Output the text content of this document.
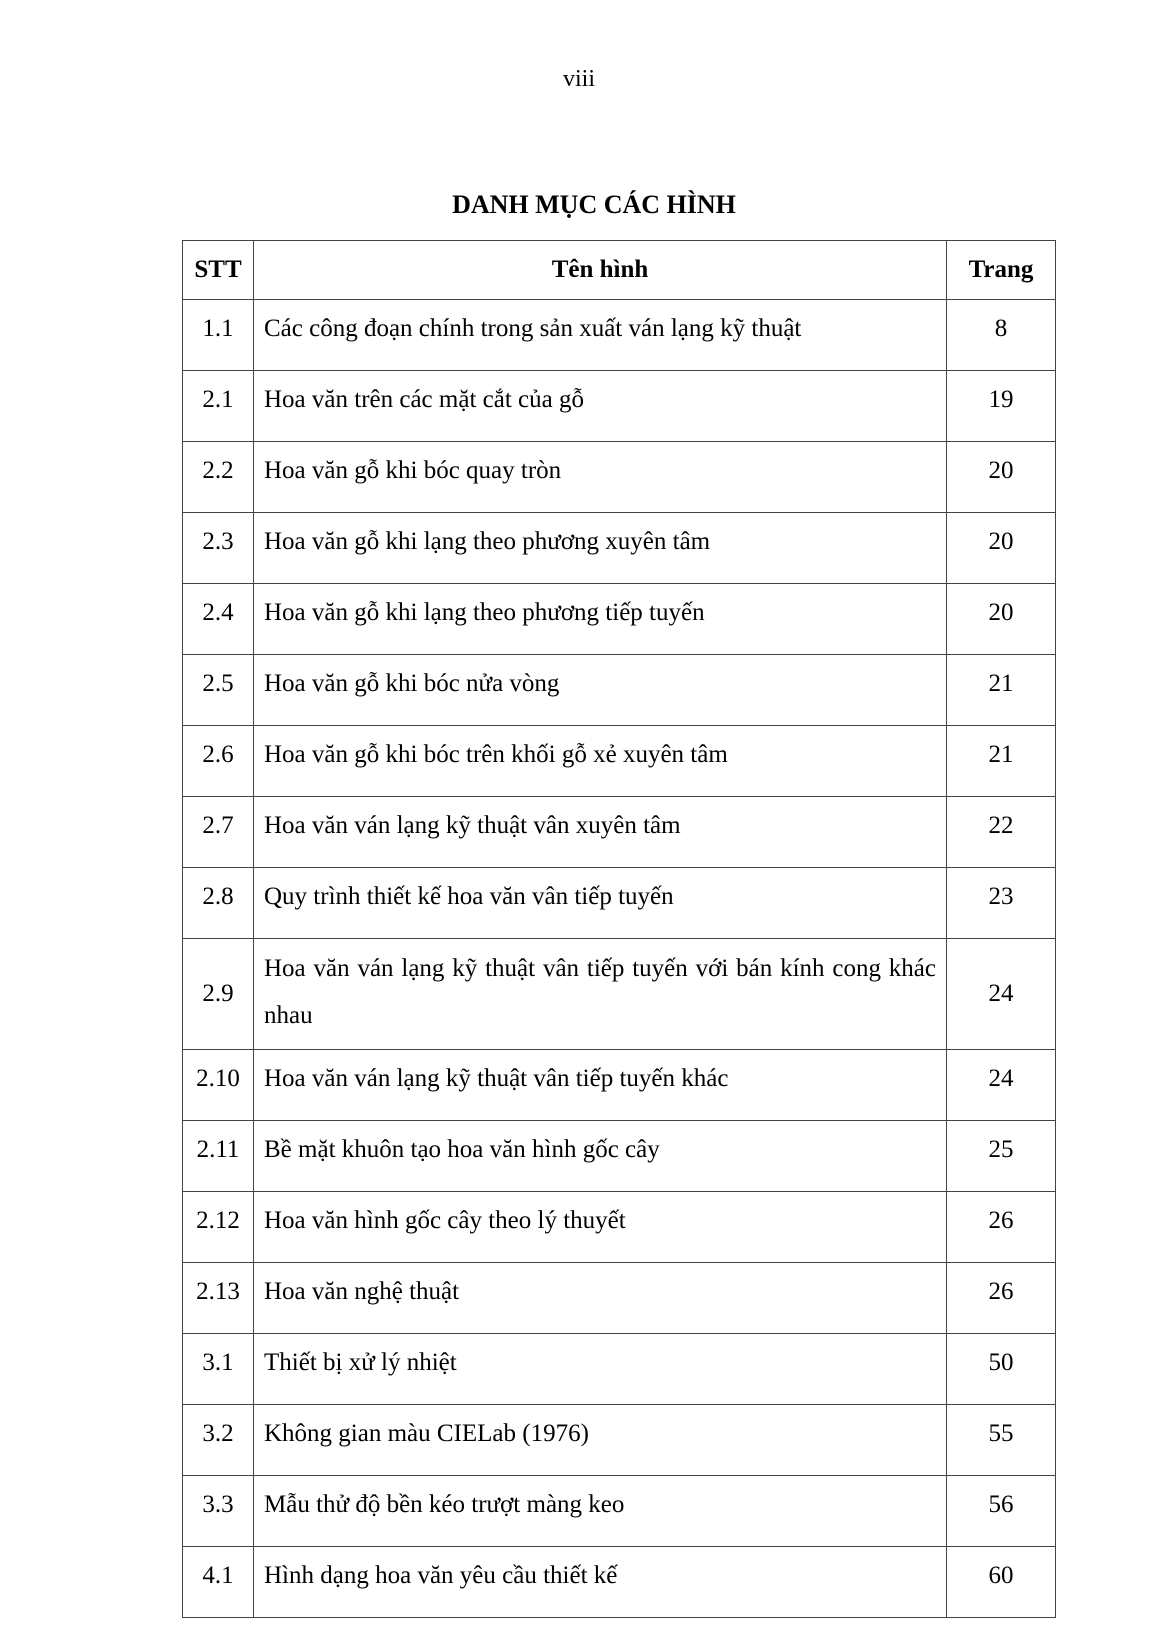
viii
DANH MỤC CÁC HÌNH
STT	Tên hình	Trang
1.1	Các công đoạn chính trong sản xuất ván lạng kỹ thuật	8
2.1	Hoa văn trên các mặt cắt của gỗ	19
2.2	Hoa văn gỗ khi bóc quay tròn	20
2.3	Hoa văn gỗ khi lạng theo phương xuyên tâm	20
2.4	Hoa văn gỗ khi lạng theo phương tiếp tuyến	20
2.5	Hoa văn gỗ khi bóc nửa vòng	21
2.6	Hoa văn gỗ khi bóc trên khối gỗ xẻ xuyên tâm	21
2.7	Hoa văn ván lạng kỹ thuật vân xuyên tâm	22
2.8	Quy trình thiết kế hoa văn vân tiếp tuyến	23
2.9	Hoa văn ván lạng kỹ thuật vân tiếp tuyến với bán kính cong khác nhau	24
2.10	Hoa văn ván lạng kỹ thuật vân tiếp tuyến khác	24
2.11	Bề mặt khuôn tạo hoa văn hình gốc cây	25
2.12	Hoa văn hình gốc cây theo lý thuyết	26
2.13	Hoa văn nghệ thuật	26
3.1	Thiết bị xử lý nhiệt	50
3.2	Không gian màu CIELab (1976)	55
3.3	Mẫu thử độ bền kéo trượt màng keo	56
4.1	Hình dạng hoa văn yêu cầu thiết kế	60
